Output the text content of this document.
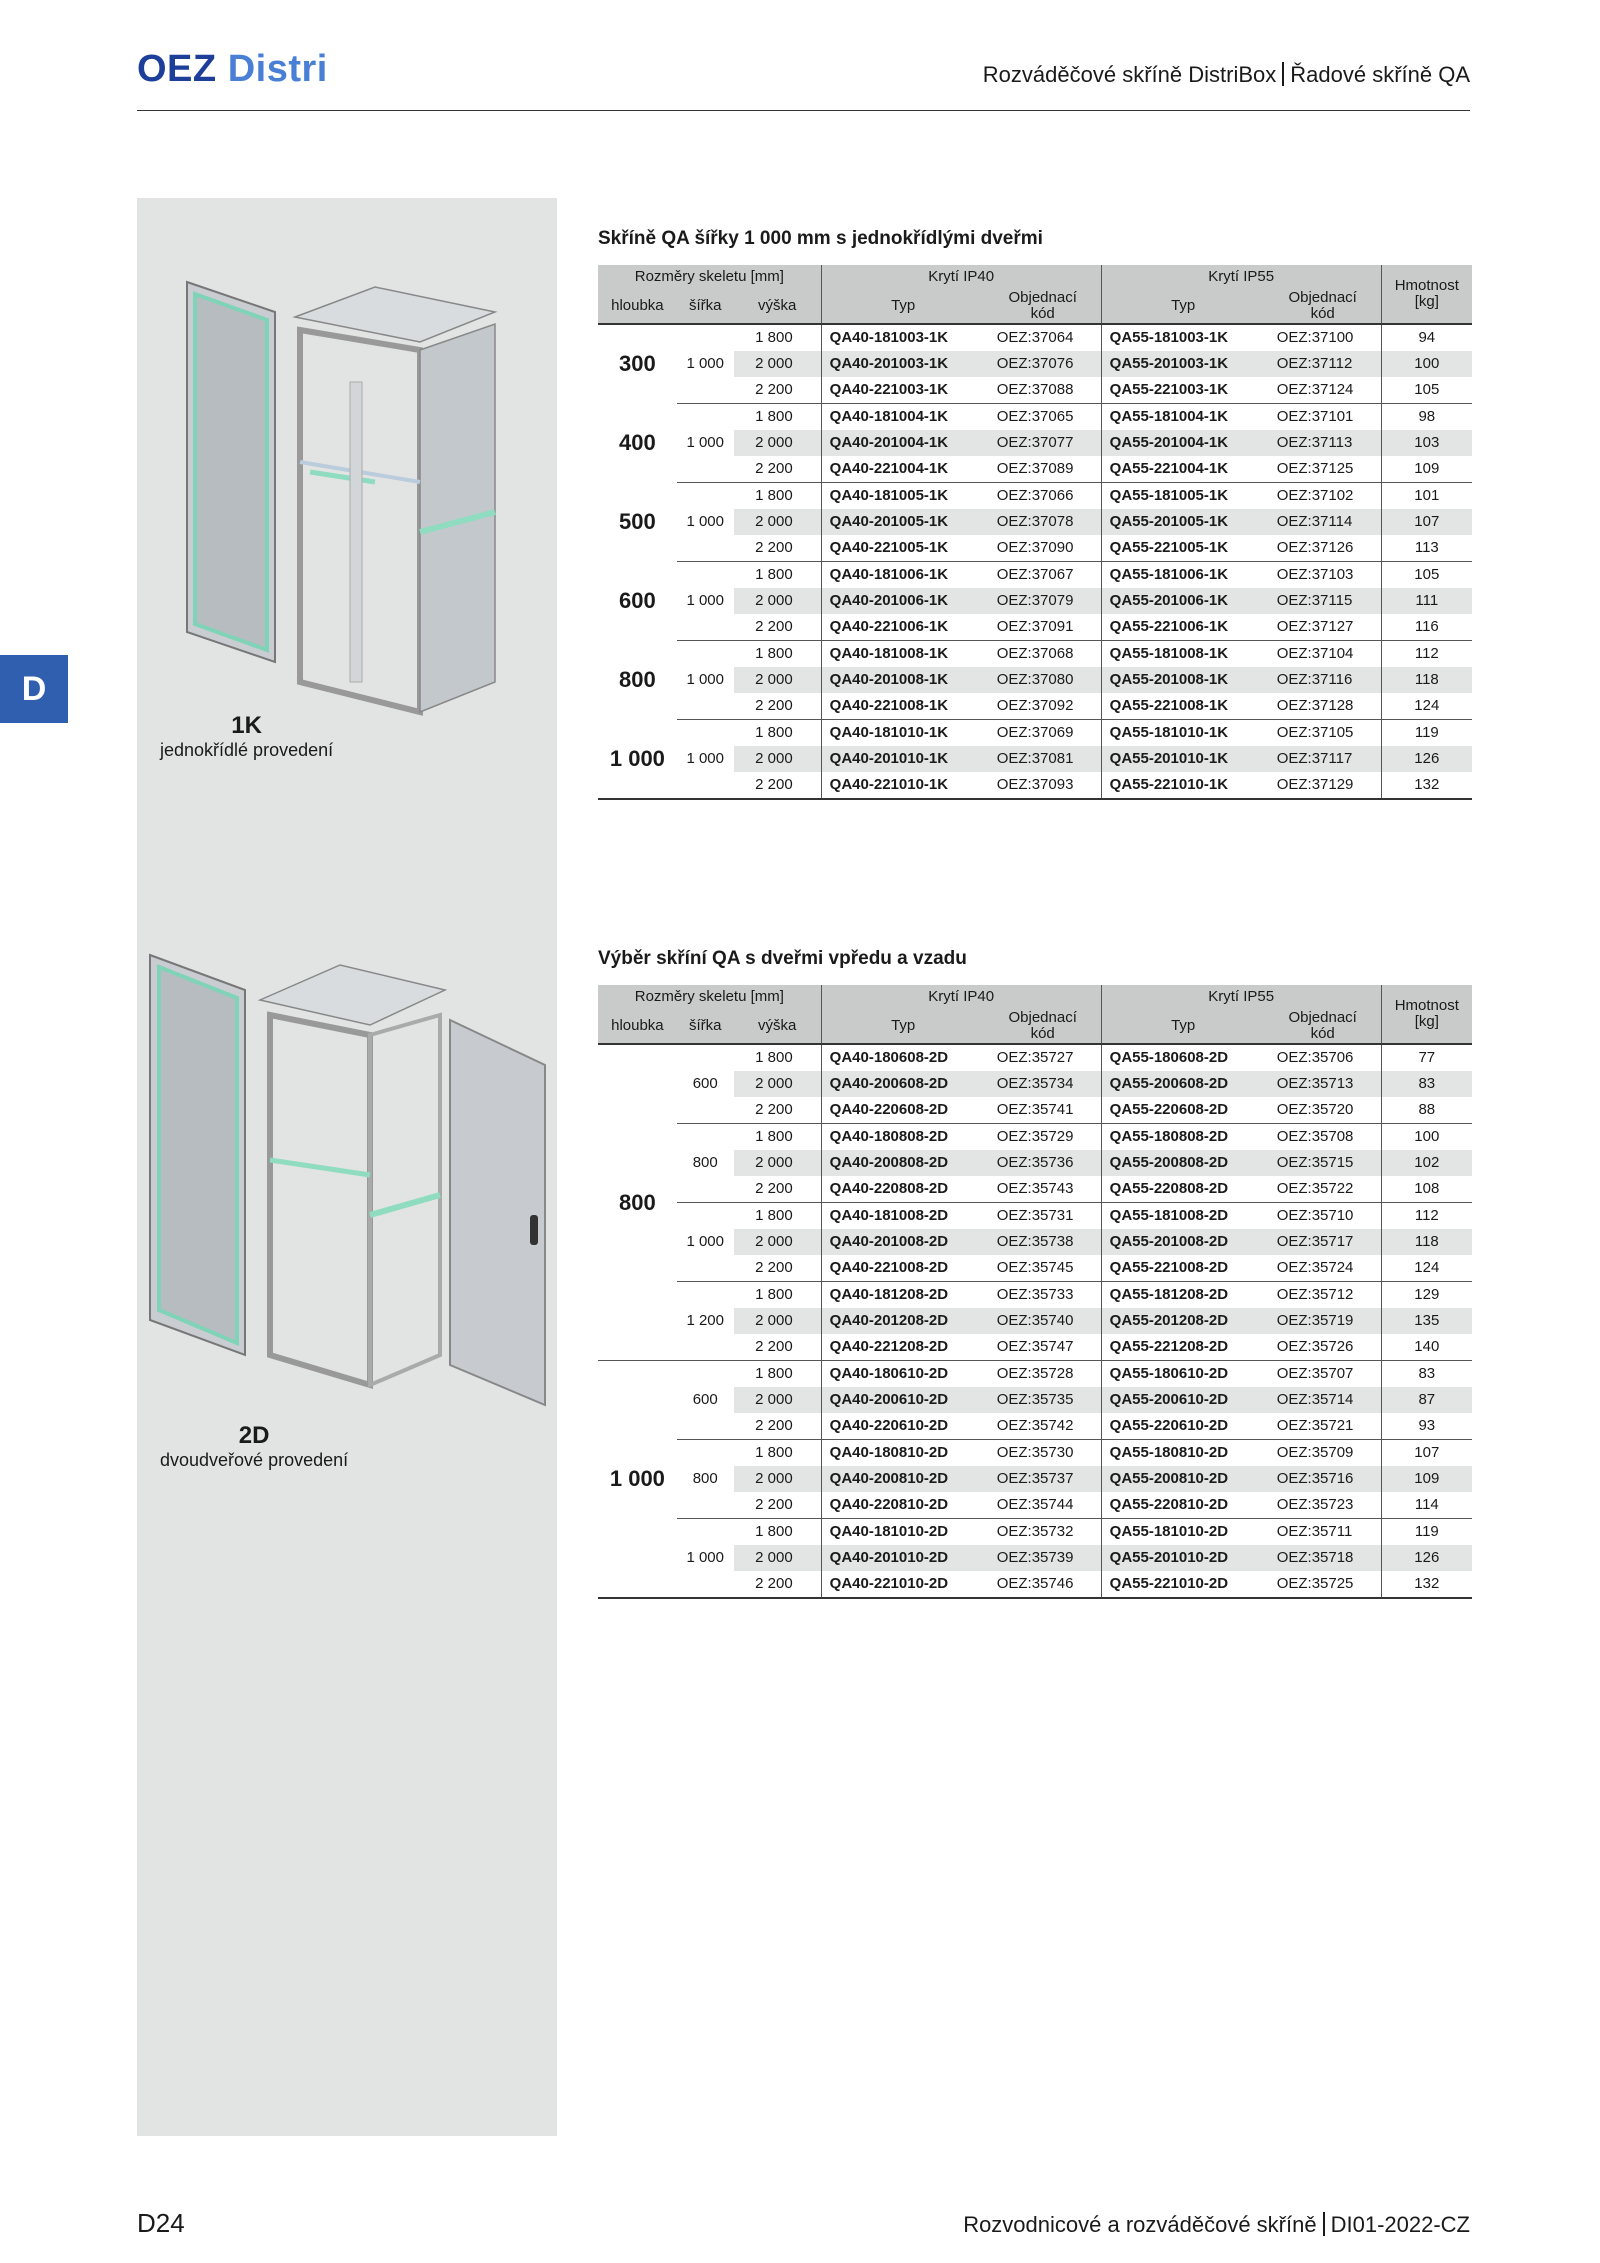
OEZ Distri	Rozváděčové skříně DistriBox Řadové skříně QA
D
1K
jednokřídlé provedení
2D
dvoudveřové provedení
Skříně QA šířky 1 000 mm s jednokřídlými dveřmi
Rozměry skeletu [mm]			Krytí IP40		Krytí IP55		Hmotnost
[kg]
hloubka	šířka	výška	Typ	Objednací
kód	Typ	Objednací
kód	
300	1 000	1 800	QA40-181003-1K	OEZ:37064	QA55-181003-1K	OEZ:37100	94
		2 000	QA40-201003-1K	OEZ:37076	QA55-201003-1K	OEZ:37112	100
		2 200	QA40-221003-1K	OEZ:37088	QA55-221003-1K	OEZ:37124	105
400	1 000	1 800	QA40-181004-1K	OEZ:37065	QA55-181004-1K	OEZ:37101	98
		2 000	QA40-201004-1K	OEZ:37077	QA55-201004-1K	OEZ:37113	103
		2 200	QA40-221004-1K	OEZ:37089	QA55-221004-1K	OEZ:37125	109
500	1 000	1 800	QA40-181005-1K	OEZ:37066	QA55-181005-1K	OEZ:37102	101
		2 000	QA40-201005-1K	OEZ:37078	QA55-201005-1K	OEZ:37114	107
		2 200	QA40-221005-1K	OEZ:37090	QA55-221005-1K	OEZ:37126	113
600	1 000	1 800	QA40-181006-1K	OEZ:37067	QA55-181006-1K	OEZ:37103	105
		2 000	QA40-201006-1K	OEZ:37079	QA55-201006-1K	OEZ:37115	111
		2 200	QA40-221006-1K	OEZ:37091	QA55-221006-1K	OEZ:37127	116
800	1 000	1 800	QA40-181008-1K	OEZ:37068	QA55-181008-1K	OEZ:37104	112
		2 000	QA40-201008-1K	OEZ:37080	QA55-201008-1K	OEZ:37116	118
		2 200	QA40-221008-1K	OEZ:37092	QA55-221008-1K	OEZ:37128	124
1 000	1 000	1 800	QA40-181010-1K	OEZ:37069	QA55-181010-1K	OEZ:37105	119
		2 000	QA40-201010-1K	OEZ:37081	QA55-201010-1K	OEZ:37117	126
		2 200	QA40-221010-1K	OEZ:37093	QA55-221010-1K	OEZ:37129	132
Výběr skříní QA s dveřmi vpředu a vzadu
Rozměry skeletu [mm]			Krytí IP40		Krytí IP55		Hmotnost
[kg]
hloubka	šířka	výška	Typ	Objednací
kód	Typ	Objednací
kód	
800	600	1 800	QA40-180608-2D	OEZ:35727	QA55-180608-2D	OEZ:35706	77
		2 000	QA40-200608-2D	OEZ:35734	QA55-200608-2D	OEZ:35713	83
		2 200	QA40-220608-2D	OEZ:35741	QA55-220608-2D	OEZ:35720	88
	800	1 800	QA40-180808-2D	OEZ:35729	QA55-180808-2D	OEZ:35708	100
		2 000	QA40-200808-2D	OEZ:35736	QA55-200808-2D	OEZ:35715	102
		2 200	QA40-220808-2D	OEZ:35743	QA55-220808-2D	OEZ:35722	108
	1 000	1 800	QA40-181008-2D	OEZ:35731	QA55-181008-2D	OEZ:35710	112
		2 000	QA40-201008-2D	OEZ:35738	QA55-201008-2D	OEZ:35717	118
		2 200	QA40-221008-2D	OEZ:35745	QA55-221008-2D	OEZ:35724	124
	1 200	1 800	QA40-181208-2D	OEZ:35733	QA55-181208-2D	OEZ:35712	129
		2 000	QA40-201208-2D	OEZ:35740	QA55-201208-2D	OEZ:35719	135
		2 200	QA40-221208-2D	OEZ:35747	QA55-221208-2D	OEZ:35726	140
1 000	600	1 800	QA40-180610-2D	OEZ:35728	QA55-180610-2D	OEZ:35707	83
		2 000	QA40-200610-2D	OEZ:35735	QA55-200610-2D	OEZ:35714	87
		2 200	QA40-220610-2D	OEZ:35742	QA55-220610-2D	OEZ:35721	93
	800	1 800	QA40-180810-2D	OEZ:35730	QA55-180810-2D	OEZ:35709	107
		2 000	QA40-200810-2D	OEZ:35737	QA55-200810-2D	OEZ:35716	109
		2 200	QA40-220810-2D	OEZ:35744	QA55-220810-2D	OEZ:35723	114
	1 000	1 800	QA40-181010-2D	OEZ:35732	QA55-181010-2D	OEZ:35711	119
		2 000	QA40-201010-2D	OEZ:35739	QA55-201010-2D	OEZ:35718	126
		2 200	QA40-221010-2D	OEZ:35746	QA55-221010-2D	OEZ:35725	132
D24	Rozvodnicové a rozváděčové skříně DI01-2022-CZ
